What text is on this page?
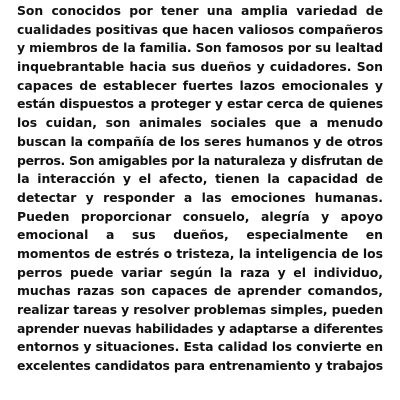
Son conocidos por tener una amplia variedad de
cualidades positivas que hacen valiosos compañeros
y miembros de la familia. Son famosos por su lealtad
inquebrantable hacia sus dueños y cuidadores. Son
capaces de establecer fuertes lazos emocionales y
están dispuestos a proteger y estar cerca de quienes
los cuidan, son animales sociales que a menudo
buscan la compañía de los seres humanos y de otros
perros. Son amigables por la naturaleza y disfrutan de
la interacción y el afecto, tienen la capacidad de
detectar y responder a las emociones humanas.
Pueden proporcionar consuelo, alegría y apoyo
emocional a sus dueños, especialmente en
momentos de estrés o tristeza, la inteligencia de los
perros puede variar según la raza y el individuo,
muchas razas son capaces de aprender comandos,
realizar tareas y resolver problemas simples, pueden
aprender nuevas habilidades y adaptarse a diferentes
entornos y situaciones. Esta calidad los convierte en
excelentes candidatos para entrenamiento y trabajos
